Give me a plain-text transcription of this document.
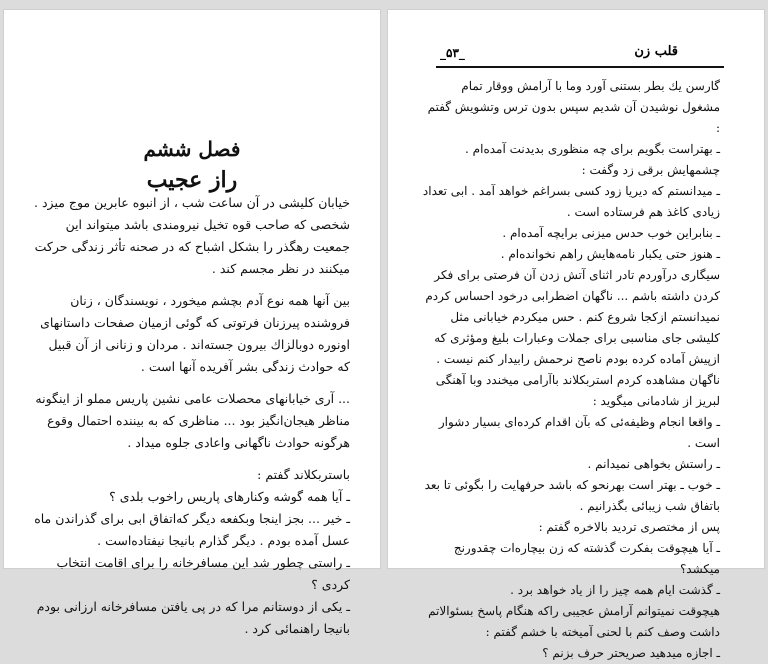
فصل ششم
راز عجیب
خیابان کلیشی در آن ساعت شب ، از انبوه عابرین موج میزد . شخصی که صاحب قوه تخیل نیرومندی باشد میتواند این جمعیت رهگذر را بشکل اشباح که در صحنه تأثر زندگی حرکت میکنند در نظر مجسم کند .
بین آنها همه نوع آدم بچشم میخورد ، نویسندگان ، زنان فروشنده پیرزنان فرتوتی که گوئی ازمیان صفحات داستانهای اونوره دوبالزاك بیرون جسته‌اند . مردان و زنانی از آن قبیل که حوادث زندگی بشر آفریده آنها است .
... آری خیابانهای محصلات عامی نشین پاریس مملو از اینگونه مناظر هیجان‌انگیز بود ... مناظری که به بیننده احتمال وقوع هرگونه حوادث ناگهانی واعادی جلوه میداد .
باستربکلاند گفتم :
ـ آیا همه گوشه وکنارهای پاریس راخوب بلدی ؟
ـ خیر ... بجز اینجا وبکفعه دیگر که‌اتفاق ابی برای گذراندن ماه عسل آمده بودم . دیگر گذارم بانیجا نیفتاده‌است .
ـ راستی چطور شد این مسافرخانه را برای اقامت انتخاب کردی ؟
ـ یکی از دوستانم مرا که در پی یافتن مسافرخانه ارزانی بودم بانیجا راهنمائی کرد .
_۵۳_	قلب زن
گارسن یك بطر بستنی آورد وما با آرامش ووقار تمام مشغول نوشیدن آن شدیم سپس بدون ترس وتشویش گفتم :
ـ بهتراست بگویم برای چه منظوری بدیدنت آمده‌ام .
چشمهایش برقی زد وگفت :
ـ میدانستم که دیریا زود کسی بسراغم خواهد آمد . ابی تعداد زیادی کاغذ هم فرستاده است .
ـ بنابراین خوب حدس میزنی برایچه آمده‌ام .
ـ هنوز حتی یکبار نامه‌هایش راهم نخوانده‌ام .
سیگاری درآوردم تادر اثنای آتش زدن آن فرصتی برای فکر کردن داشته باشم ... ناگهان اضطرابی درخود احساس کردم نمیدانستم ازکجا شروع کنم . حس میکردم خیابانی مثل کلیشی جای مناسبی برای جملات وعبارات بلیغ ومؤثری که ازپیش آماده کرده بودم ناصح نرحمش رابیدار کنم نیست . ناگهان مشاهده کردم استربکلاند باآرامی میخندد وبا آهنگی لبریز از شادمانی میگوید :
ـ واقعا انجام وظیفه‌ئی که بآن اقدام کرده‌ای بسیار دشوار است .
ـ راستش بخواهی نمیدانم .
ـ خوب ـ بهتر است بهرنحو که باشد حرفهایت را بگوئی تا بعد باتفاق شب زیبائی بگذرانیم .
پس از مختصری تردید بالاخره گفتم :
ـ آیا هیچوقت بفکرت گذشته که زن بیچاره‌ات چقدورنج میکشد؟
ـ گذشت ایام همه چیز را از یاد خواهد برد .
هیچوقت نمیتوانم آرامش عجیبی راکه هنگام پاسخ بسئوالاتم داشت وصف کنم با لحنی آمیخته با خشم گفتم :
ـ اجازه میدهید صریحتر حرف بزنم ؟
